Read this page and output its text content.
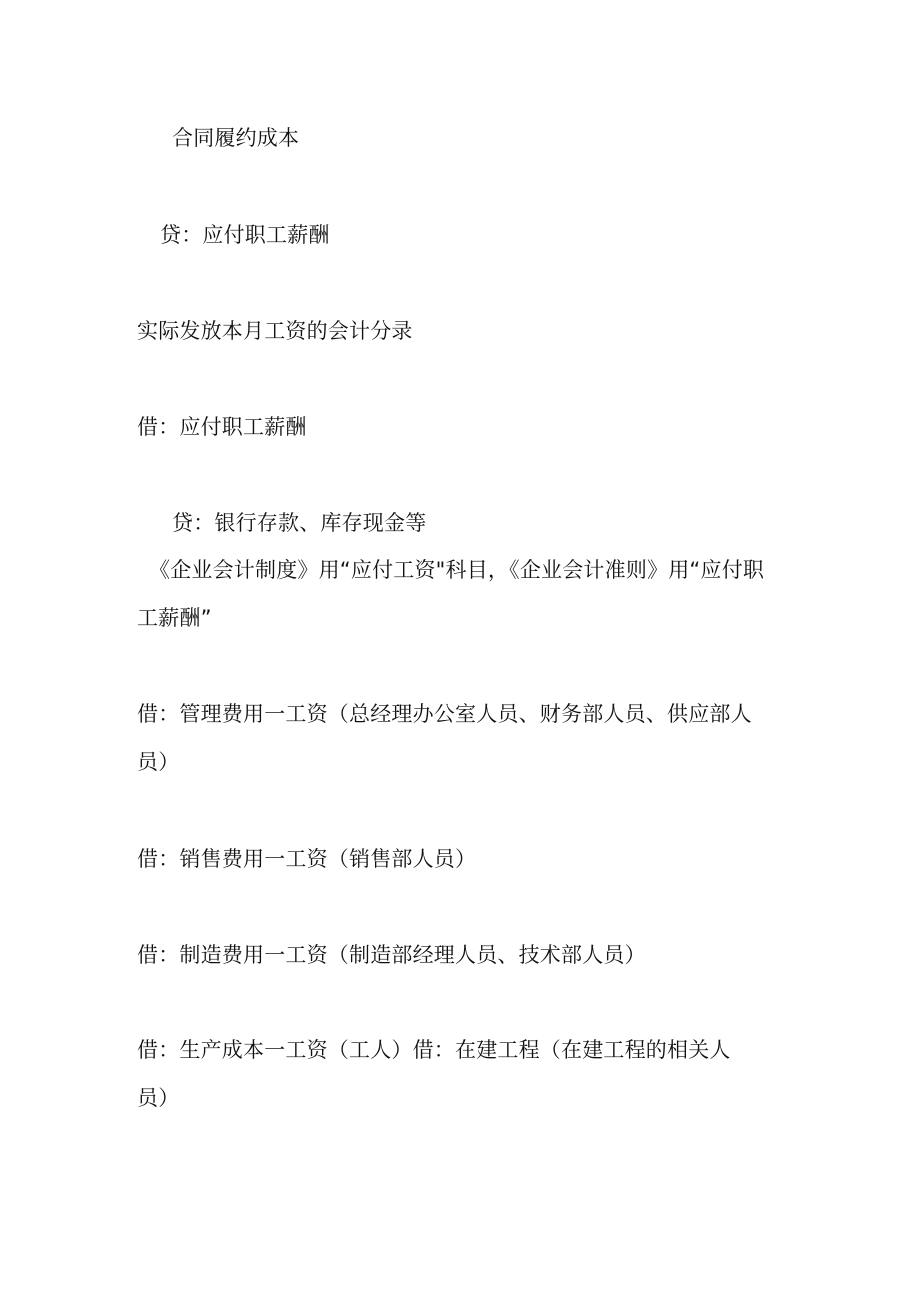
合同履约成本
贷：应付职工薪酬
实际发放本月工资的会计分录
借：应付职工薪酬
贷：银行存款、库存现金等
《企业会计制度》用“应付工资"科目，《企业会计准则》用“应付职工薪酬”
借：管理费用一工资（总经理办公室人员、财务部人员、供应部人员）
借：销售费用一工资（销售部人员）
借：制造费用一工资（制造部经理人员、技术部人员）
借：生产成本一工资（工人）借：在建工程（在建工程的相关人员）
